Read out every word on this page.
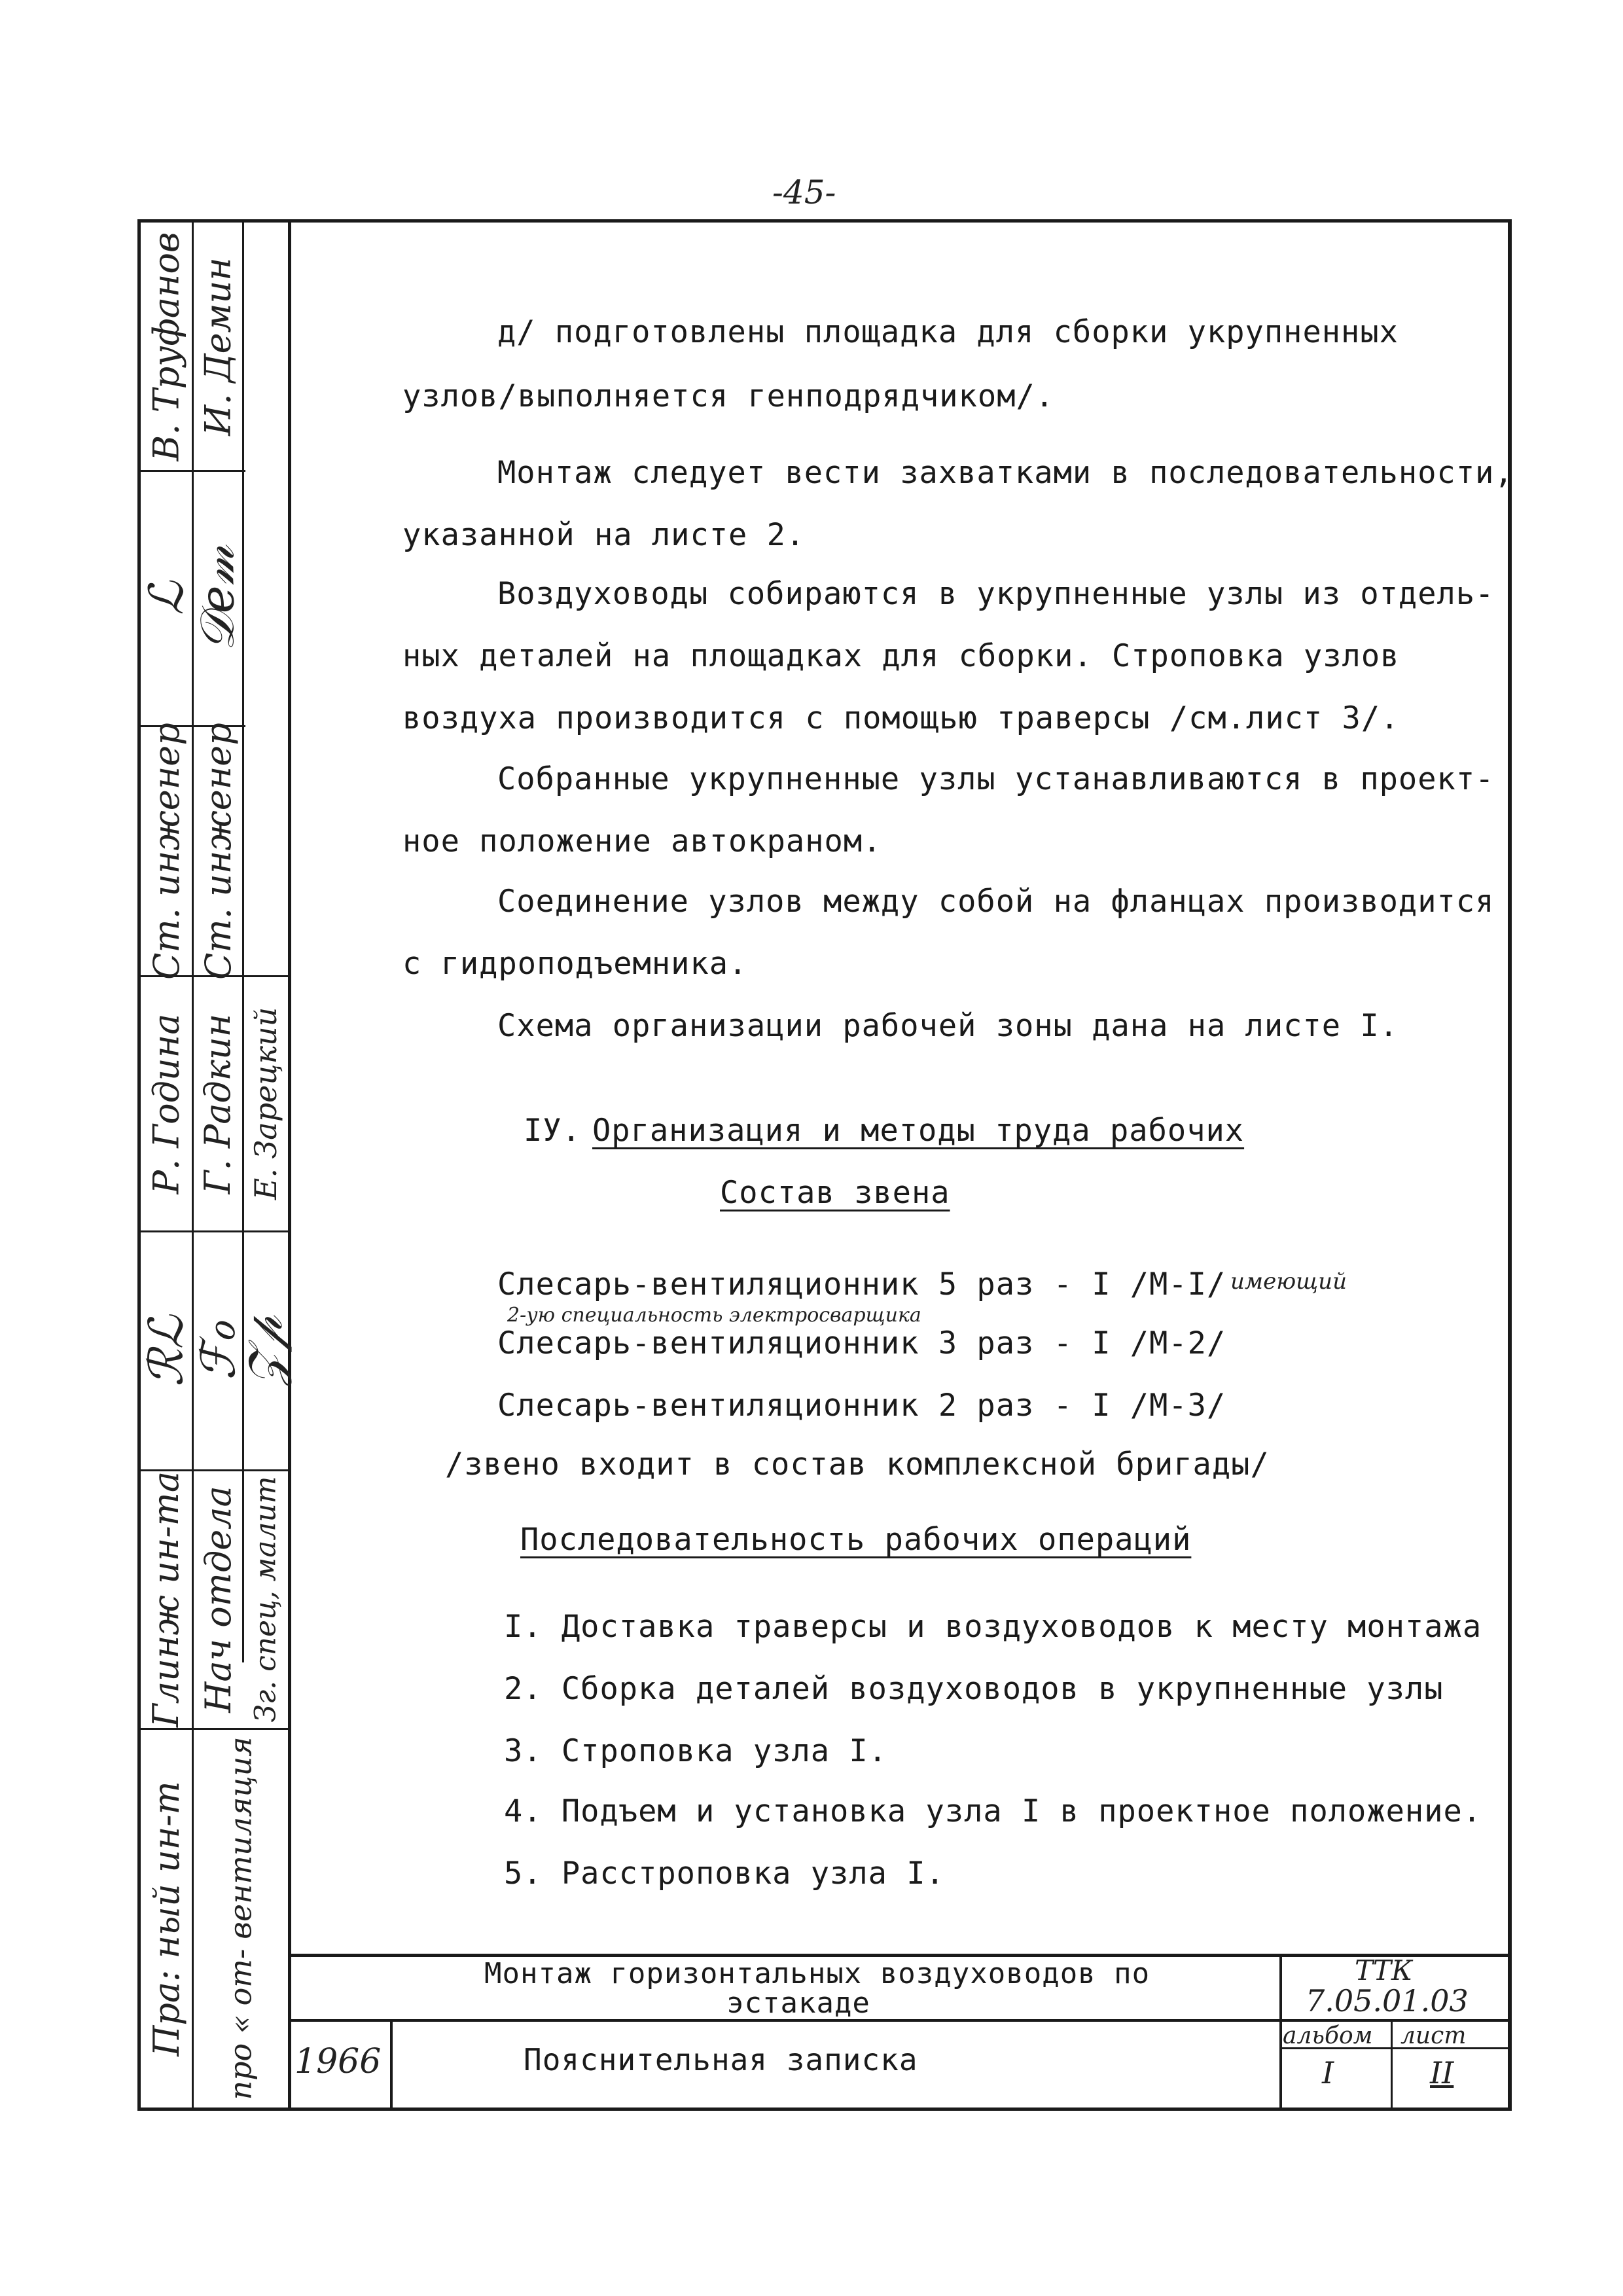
-45-
В. Труфанов
ℒ
Ст. инженер
Р. Година
ℛℒ
Глинж ин-та
Пра: ный ин-т
И. Демин
𝒟𝑒𝓂
Ст. инженер
Г. Радкин
ℱℴ
Нач отдела
про « от- вентиляция
Е. Зарецкий
𝒵𝓅
Зг. спец, малит
д/ подготовлены площадка для сборки укрупненных
узлов/выполняется генподрядчиком/.
Монтаж следует вести захватками в последовательности,
указанной на листе 2.
Воздуховоды собираются в укрупненные узлы из отдель-
ных деталей на площадках для сборки. Строповка узлов
воздуха производится с помощью траверсы /см.лист 3/.
Собранные укрупненные узлы устанавливаются в проект-
ное положение автокраном.
Соединение узлов между собой на фланцах производится
с гидроподъемника.
Схема организации рабочей зоны дана на листе I.
IУ. Организация и методы труда рабочих
Состав звена
Слесарь-вентиляционник 5 раз - I /М-I/ имеющий
2-ую специальность электросварщика
Слесарь-вентиляционник 3 раз - I /М-2/
Слесарь-вентиляционник 2 раз - I /М-3/
/звено входит в состав комплексной бригады/
Последовательность рабочих операций
I. Доставка траверсы и воздуховодов к месту монтажа
2. Сборка деталей воздуховодов в укрупненные узлы
3. Строповка узла I.
4. Подъем и установка узла I в проектное положение.
5. Расстроповка узла I.
Монтаж горизонтальных воздуховодов по
эстакаде
ТТК
7.05.01.03
1966	Пояснительная записка
альбом
I
лист
II
